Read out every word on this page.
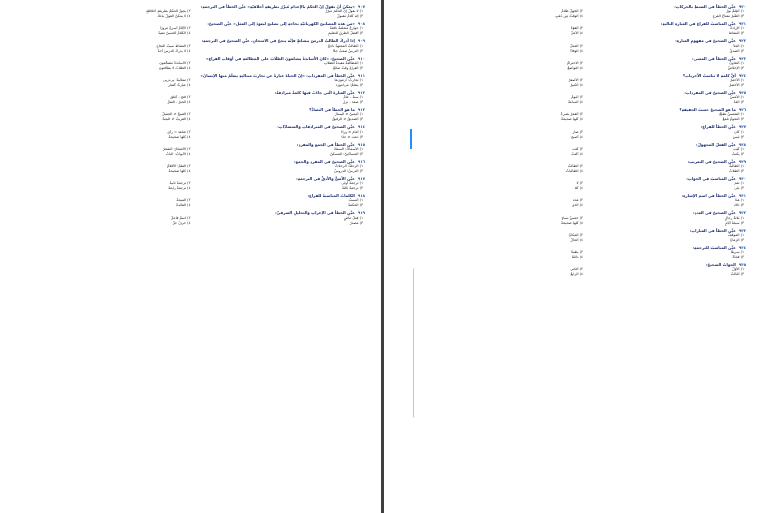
٩٠٧«يمكنُ أنْ نقولَ إنّ الحكمَ بالإعدامِ مُبرَّرٌ بطريقةٍ أخلاقيّةٍ» عيِّنِ الخطأَ في الترجمةِ:
١) لا نقولُ إنّ الحكمَ مبرّرٌ
٢) يجوزُ الحكمُ بطريقةٍ أخلاقيّةٍ
٣) إنّه كلامٌ مقبولٌ
٤) لا يمكنُ القولُ بذلك
٩٠٨«من هذه المصابيحِ الكهربائيّةِ بحاجةٍ إلى تصليحٍ ليعودَ إلى العملِ» عيِّنِ الصحيحَ:
١) جوارحُ متعلّمةٌ نافعةٌ
٢) الأيّامُ أسرعُ مرورًا
٣) أفضلُ الطرقِ للتعليمِ
٤) الكلامُ الحسنُ مفيدٌ
٩٠٩إذا أدركَ الطالبُ الدرسَ بنشاطٍ فإنّه ينجحُ في الامتحانِ، عيِّنِ الصحيحَ في الترجمةِ:
١) الطالبُ المجتهدُ ناجحٌ
٢) النشاطُ سببُ النجاحِ
٣) الدرسُ صعبٌ جدًّا
٤) لا يدركُ الدرسَ أحدٌ
٩١٠عيِّنِ الصحيحَ: «كانَ الأساتذةُ يشجّعونَ الطلّابَ على المطالعةِ في أوقاتِ الفراغِ»
١) المطالعةُ مفيدةٌ للطلّابِ
٢) الأساتذةُ مشجِّعونَ
٣) الفراغُ وقتٌ ضائعٌ
٤) الطلّابُ لا يطالعونَ
٩١١عيِّنِ الخطأَ في المفرداتِ: «إنّ الحياةَ عبارةٌ عن تجاربَ متتاليةٍ يتعلّمُ منها الإنسانُ»
١) تجاربُ: آزمون‌ها
٢) متتاليةٌ: پی‌درپی
٣) يتعلّمُ: می‌آموزد
٤) عبارةٌ: گفتار
٩١٢عيِّنِ العبارةَ الّتي جاءَتْ فيها كلمةٌ مترادفةٌ:
١) سنةٌ - عامٌ
٢) فتحَ - أغلقَ
٣) صعدَ - نزلَ
٤) الخيرُ - الشرُّ
٩١٣ما هو الخطأُ في التضادِّ؟
١) اليمينُ ≠ اليسارُ
٢) القبيحُ ≠ الجميلُ
٣) الصديقُ ≠ الرفيقُ
٤) القريبُ ≠ البعيدُ
٩١٤عيِّنِ الصحيحَ في المترادفاتِ والمتضادّاتِ:
١) أمامَ ≠ وراءَ
٢) شاهدَ = رأى
٣) ذهبَ ≠ جاءَ
٤) كلُّها صحيحةٌ
٩١٥عيِّنِ الخطأَ في الجمعِ والمفردِ:
١) الأسماكُ: السمكُ
٢) الأشجارُ: الشجرُ
٣) المساكينُ: المسكنُ
٤) الأبوابُ: البابُ
٩١٦عيِّنِ الصحيحَ في المفردِ والجمعِ:
١) الرحلةُ: الرحلاتُ
٢) القلمُ: الأقلامُ
٣) الدرسُ: الدروسُ
٤) كلُّها صحيحةٌ
٩١٧عيِّنِ الأصحَّ والأدقَّ في الترجمةِ:
١) ترجمةٌ أولى
٢) ترجمةٌ ثانيةٌ
٣) ترجمةٌ ثالثةٌ
٤) ترجمةٌ رابعةٌ
٩١٨الكلماتُ المناسبةُ للفراغِ:
١) السببُ
٢) النتيجةُ
٣) الحكمةُ
٤) الفائدةُ
٩١٩عيِّنِ الخطأَ في الإعرابِ والتحليلِ الصرفيِّ:
١) فعلٌ ماضٍ
٢) اسمٌ فاعلٌ
٣) مصدرٌ
٤) حرفُ جرٍّ
٩٢٠عيِّنِ الخطأَ في الضبطِ بالحركاتِ:
١) العِلمُ نورٌ
٢) الجَهلُ ظلامٌ
٣) الصَّبرُ مفتاحُ الفرجِ
٤) الوقتُ مِن ذَهَبٍ
٩٢١عيِّنِ المناسبَ للفراغِ في العبارةِ التاليةِ:
١) الإرادةُ
٢) القوّةُ
٣) النشاطُ
٤) الأملُ
٩٢٢عيِّنِ الصحيحَ في مفهومِ العبارةِ:
١) الجدُّ
٢) العملُ
٣) الصدقُ
٤) الوفاءُ
٩٢٣عيِّنِ الخطأَ في المعنى:
١) التعاونُ
٢) الاحترامُ
٣) الإخلاصُ
٤) التواضعُ
٩٢٤أيُّ كلمةٍ لا تناسبُ الآخرياتِ؟
١) الأحمرُ
٢) الأصفرُ
٣) الأخضرُ
٤) الكبيرُ
٩٢٥عيِّنِ الصحيحَ في المفرداتِ:
١) الأمسُ
٢) اليومُ
٣) الغدُ
٤) الساعةُ
٩٢٦ما هو الصحيحُ حسبَ الحقيقةِ؟
١) الشمسُ تطلعُ
٢) القمرُ يضيءُ
٣) النجومُ تلمعُ
٤) كلُّها صحيحةٌ
٩٢٧عيِّنِ الخطأَ للفراغِ:
١) كانَ
٢) صارَ
٣) ليسَ
٤) أصبحَ
٩٢٨عيِّنِ الفعلَ المجهولَ:
١) كُتِبَ
٢) كَتَبَ
٣) يكتبُ
٤) اُكتبْ
٩٢٩عيِّنِ الصحيحَ في التعريبِ:
١) الطالبةُ
٢) الطالبُ
٣) الطلّابُ
٤) الطالباتُ
٩٣٠عيِّنِ المناسبَ في الجوابِ:
١) نعم
٢) لا
٣) بلى
٤) كلّا
٩٣١عيِّنِ الخطأَ في اسمِ الإشارةِ:
١) هذا
٢) هذه
٣) ذلك
٤) الّذي
٩٣٢عيِّنِ الصحيحَ في العددِ:
١) ثلاثةُ رجالٍ
٢) خمسُ نساءٍ
٣) سبعةُ أيّامٍ
٤) كلُّها صحيحةٌ
٩٣٣عيِّنِ الخطأَ في العباراتِ:
١) الموقفُ
٢) المكانُ
٣) الزمانُ
٤) الحالُ
٩٣٤عيِّنِ المناسبَ للترجمةِ:
١) سريعًا
٢) بطيئًا
٣) فجأةً
٤) دائمًا
٩٣٥الجوابُ الصحيحُ:
١) الأوّلُ
٢) الثاني
٣) الثالثُ
٤) الرابعُ
